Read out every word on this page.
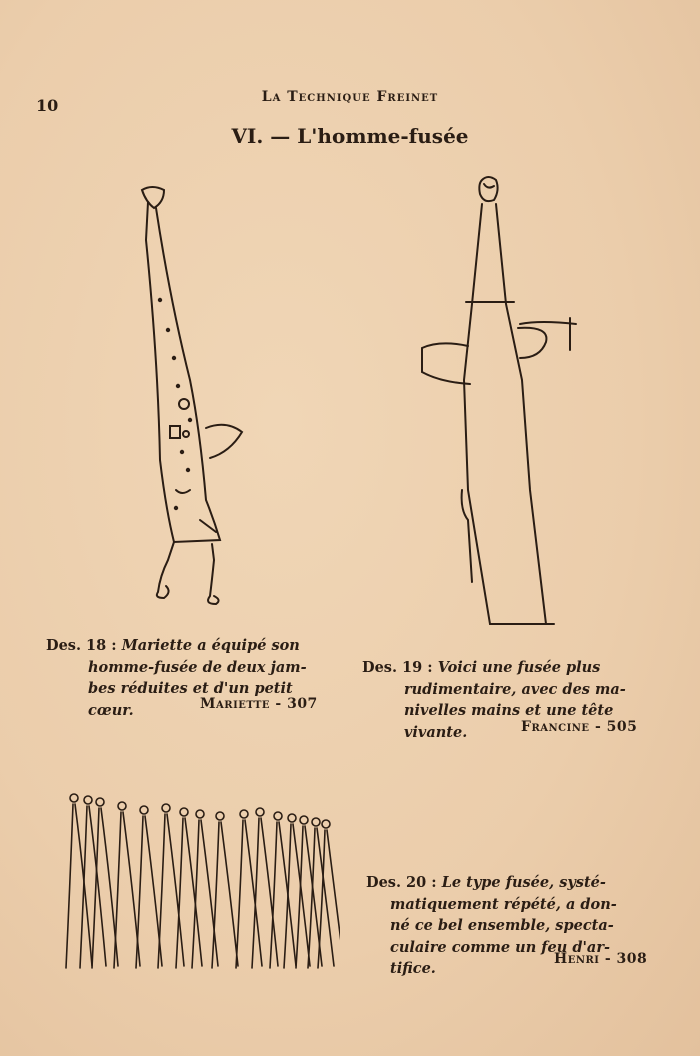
10	La Technique Freinet
VI. — L'homme-fusée
Des. 18 : Mariette a équipé son
homme-fusée de deux jam-
bes réduites et d'un petit
cœur.	Mariette - 307
Des. 19 : Voici une fusée plus
rudimentaire, avec des ma-
nivelles mains et une tête
vivante.	Francine - 505
Des. 20 : Le type fusée, systé-
matiquement répété, a don-
né ce bel ensemble, specta-
culaire comme un feu d'ar-
tifice.
Henri - 308
